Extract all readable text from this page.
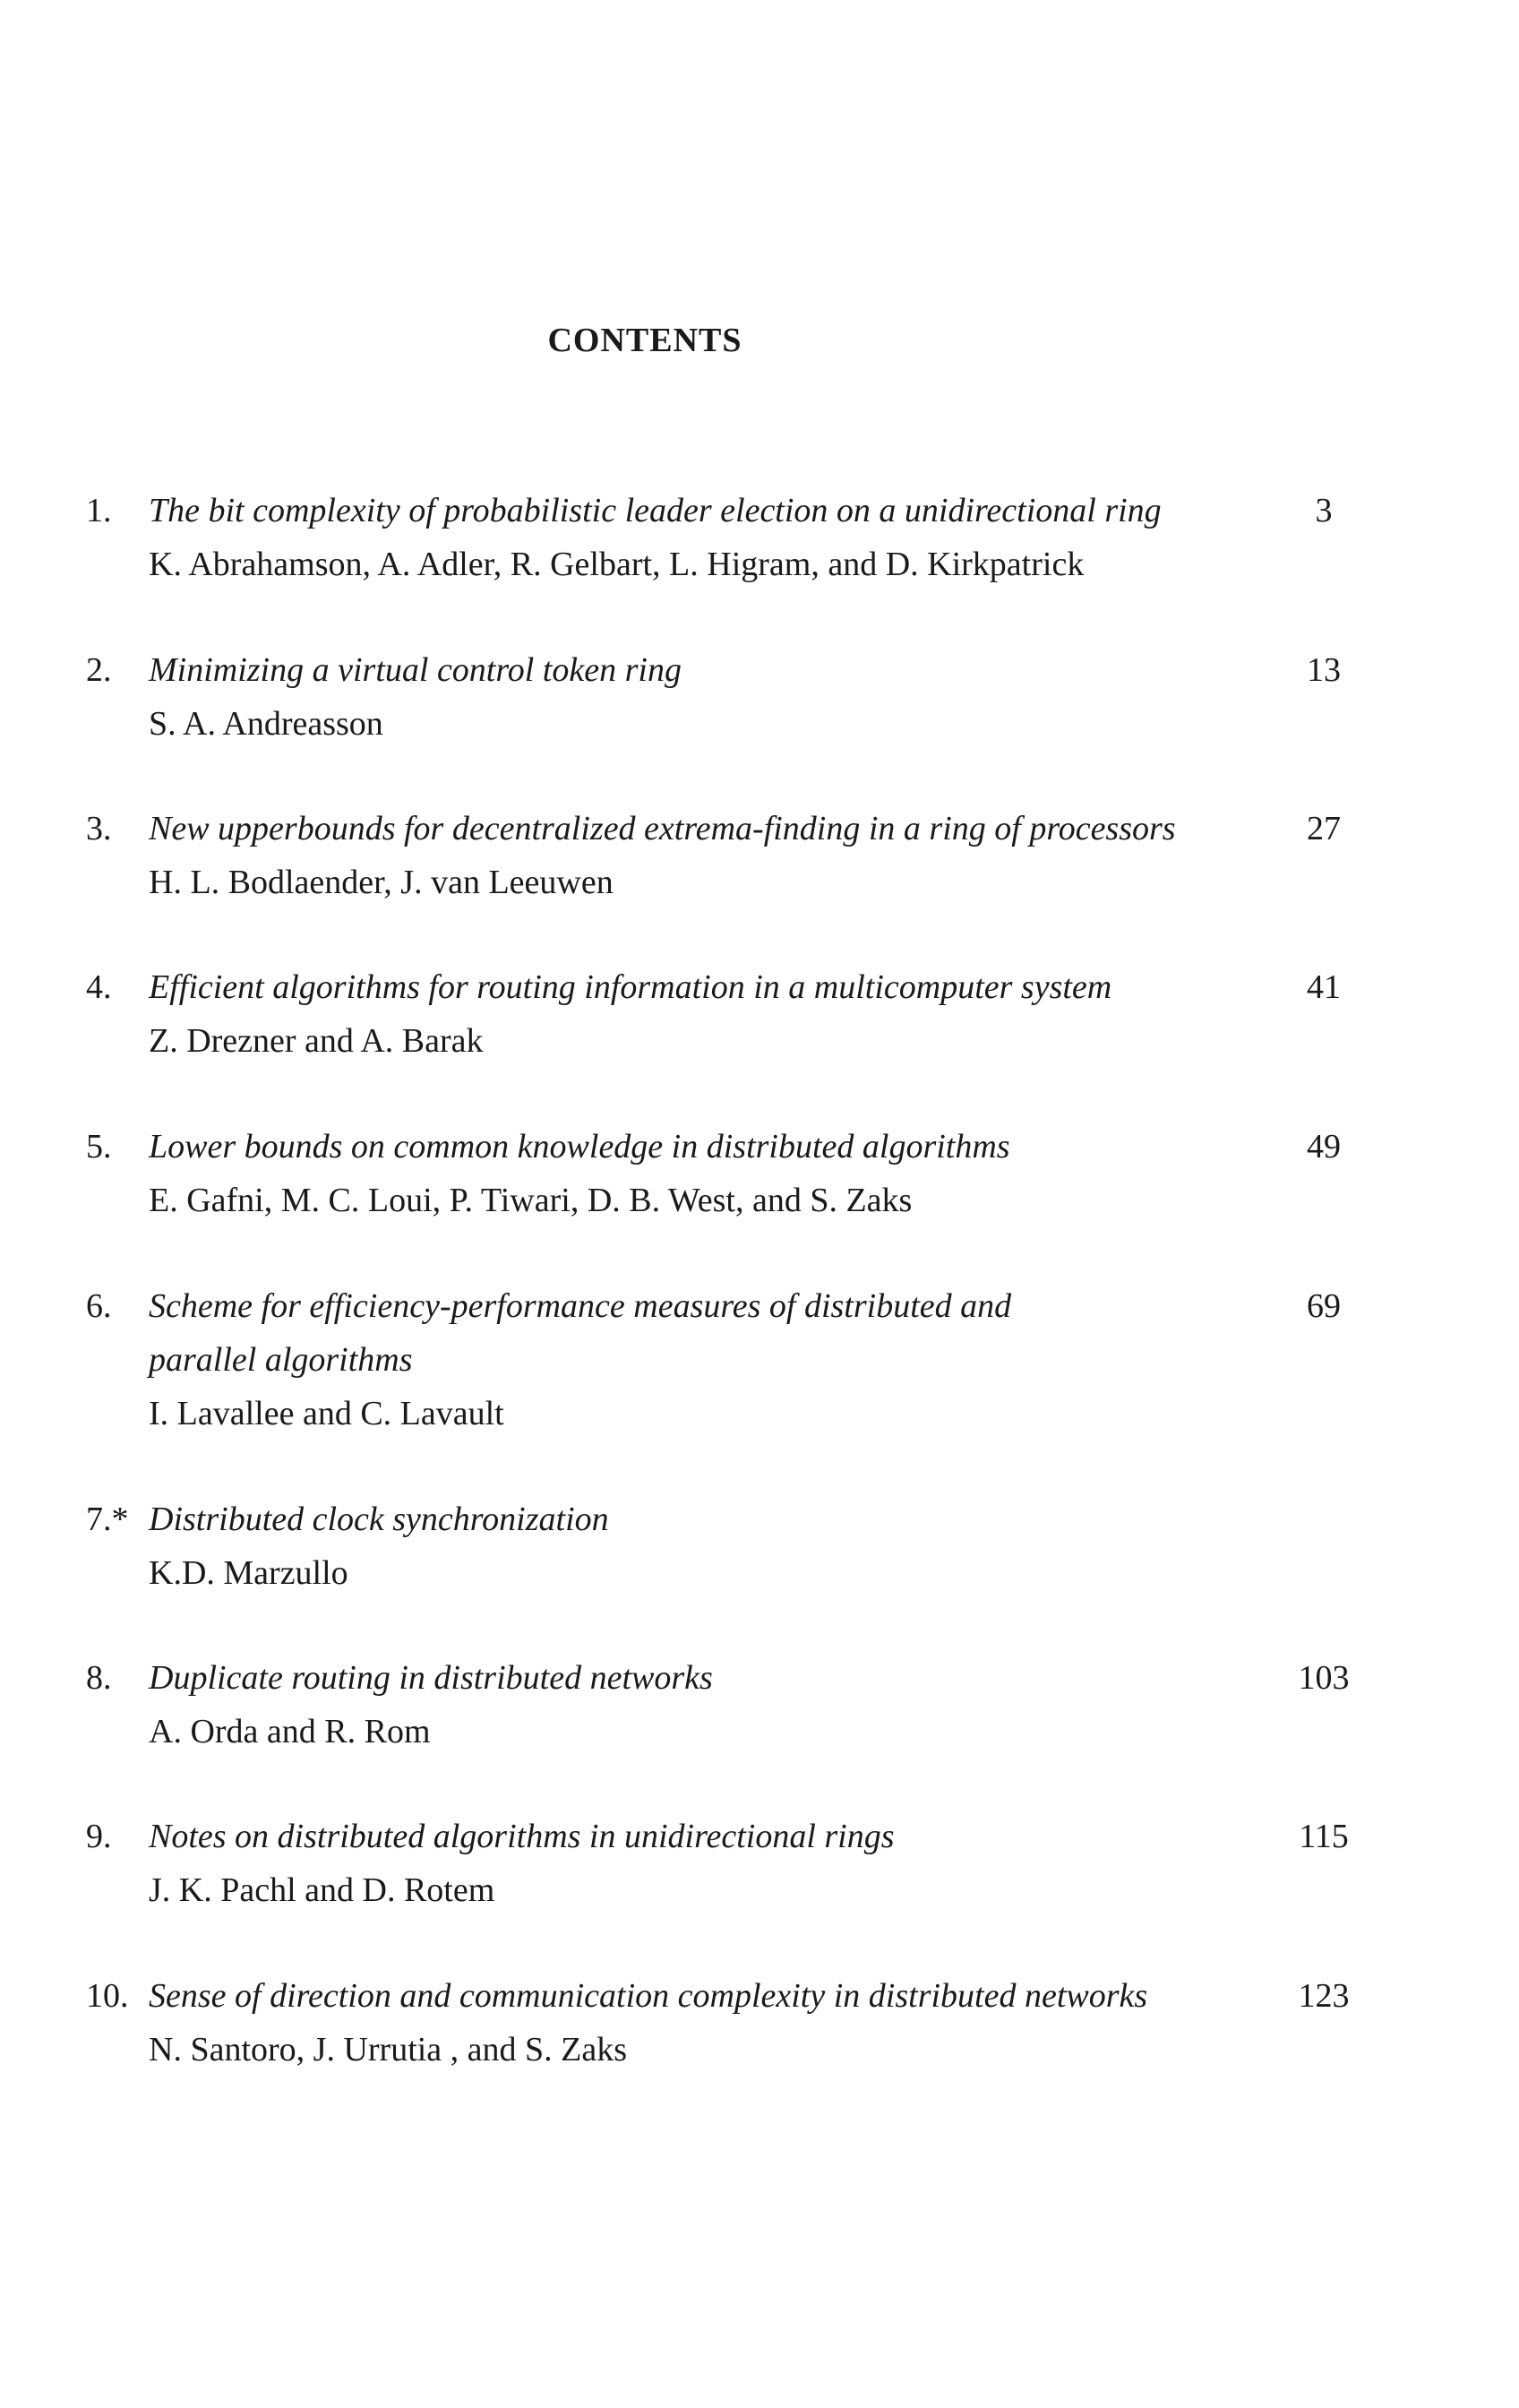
CONTENTS
1. The bit complexity of probabilistic leader election on a unidirectional ring	3
K. Abrahamson, A. Adler, R. Gelbart, L. Higram, and D. Kirkpatrick
2. Minimizing a virtual control token ring	13
S. A. Andreasson
3. New upperbounds for decentralized extrema-finding in a ring of processors	27
H. L. Bodlaender, J. van Leeuwen
4. Efficient algorithms for routing information in a multicomputer system	41
Z. Drezner and A. Barak
5. Lower bounds on common knowledge in distributed algorithms	49
E. Gafni, M. C. Loui, P. Tiwari, D. B. West, and S. Zaks
6. Scheme for efficiency-performance measures of distributed and	69
parallel algorithms
I. Lavallee and C. Lavault
7.* Distributed clock synchronization
K.D. Marzullo
8. Duplicate routing in distributed networks	103
A. Orda and R. Rom
9. Notes on distributed algorithms in unidirectional rings	115
J. K. Pachl and D. Rotem
10. Sense of direction and communication complexity in distributed networks	123
N. Santoro, J. Urrutia , and S. Zaks
